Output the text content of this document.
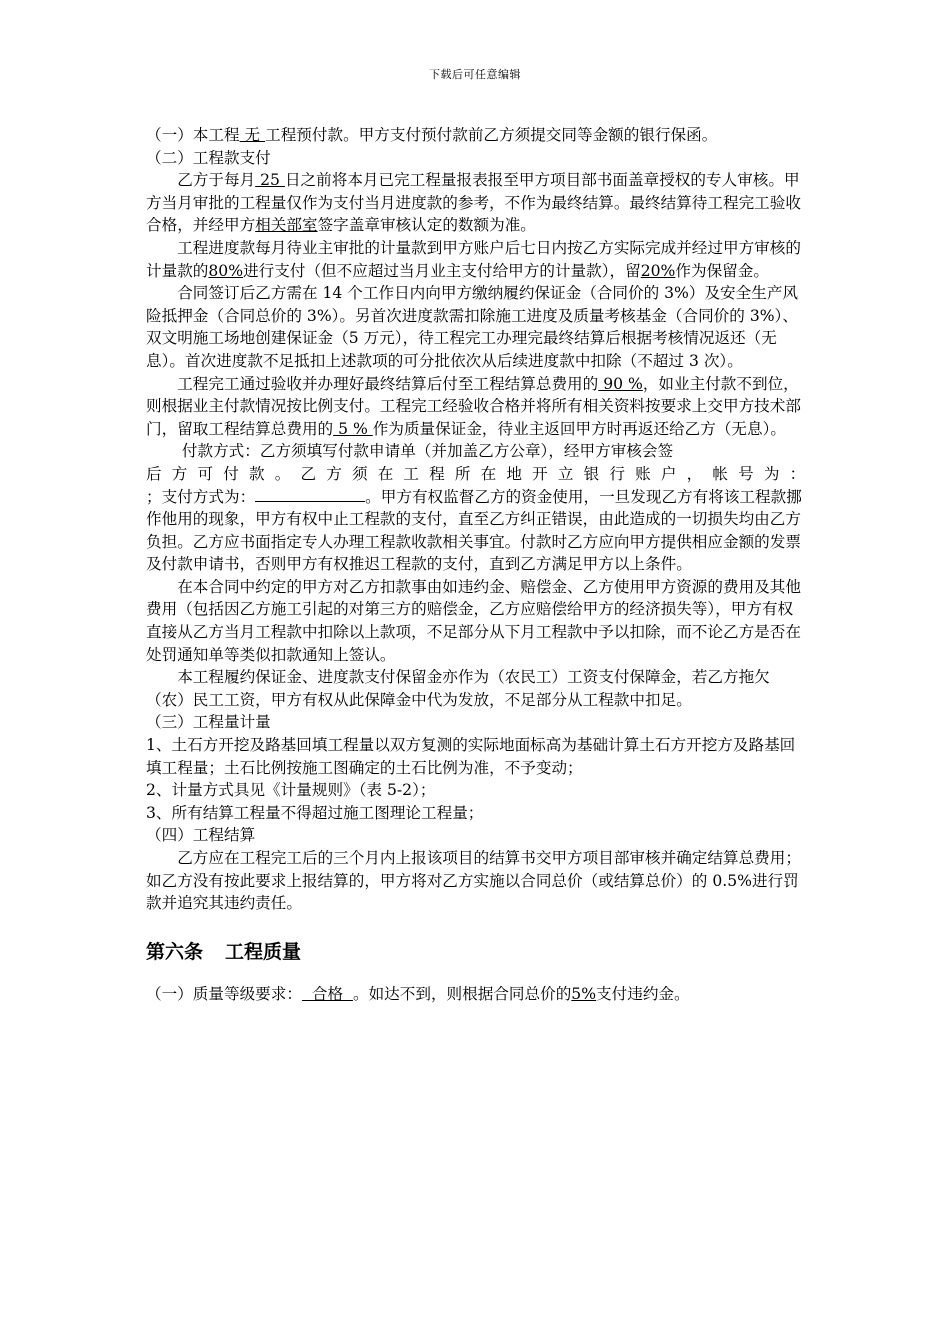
下载后可任意编辑

（一）本工程 无 工程预付款。甲方支付预付款前乙方须提交同等金额的银行保函。

（二）工程款支付

乙方于每月 25 日之前将本月已完工程量报表报至甲方项目部书面盖章授权的专人审核。甲方当月审批的工程量仅作为支付当月进度款的参考，不作为最终结算。最终结算待工程完工验收合格，并经甲方相关部室签字盖章审核认定的数额为准。

工程进度款每月待业主审批的计量款到甲方账户后七日内按乙方实际完成并经过甲方审核的计量款的80%进行支付（但不应超过当月业主支付给甲方的计量款），留20%作为保留金。

合同签订后乙方需在 14 个工作日内向甲方缴纳履约保证金（合同价的 3%）及安全生产风险抵押金（合同总价的 3%）。另首次进度款需扣除施工进度及质量考核基金（合同价的 3%）、双文明施工场地创建保证金（5 万元），待工程完工办理完最终结算后根据考核情况返还（无息）。首次进度款不足抵扣上述款项的可分批依次从后续进度款中扣除（不超过 3 次）。

工程完工通过验收并办理好最终结算后付至工程结算总费用的 90 %，如业主付款不到位，则根据业主付款情况按比例支付。工程完工经验收合格并将所有相关资料按要求上交甲方技术部门，留取工程结算总费用的 5 % 作为质量保证金，待业主返回甲方时再返还给乙方（无息）。

付款方式：乙方须填写付款申请单（并加盖乙方公章），经甲方审核会签

后方可付款。乙方须在工程所在地开立银行账户，帐号为：

；支付方式为：	。甲方有权监督乙方的资金使用，一旦发现乙方有将该工程款挪作他用的现象，甲方有权中止工程款的支付，直至乙方纠正错误，由此造成的一切损失均由乙方负担。乙方应书面指定专人办理工程款收款相关事宜。付款时乙方应向甲方提供相应金额的发票及付款申请书，否则甲方有权推迟工程款的支付，直到乙方满足甲方以上条件。

在本合同中约定的甲方对乙方扣款事由如违约金、赔偿金、乙方使用甲方资源的费用及其他费用（包括因乙方施工引起的对第三方的赔偿金，乙方应赔偿给甲方的经济损失等），甲方有权直接从乙方当月工程款中扣除以上款项，不足部分从下月工程款中予以扣除，而不论乙方是否在处罚通知单等类似扣款通知上签认。

本工程履约保证金、进度款支付保留金亦作为（农民工）工资支付保障金，若乙方拖欠（农）民工工资，甲方有权从此保障金中代为发放，不足部分从工程款中扣足。

（三）工程量计量

1、土石方开挖及路基回填工程量以双方复测的实际地面标高为基础计算土石方开挖方及路基回填工程量；土石比例按施工图确定的土石比例为准，不予变动；

2、计量方式具见《计量规则》（表 5-2）；

3、所有结算工程量不得超过施工图理论工程量；

（四）工程结算

乙方应在工程完工后的三个月内上报该项目的结算书交甲方项目部审核并确定结算总费用；如乙方没有按此要求上报结算的，甲方将对乙方实施以合同总价（或结算总价）的 0.5%进行罚款并追究其违约责任。

第六条 工程质量

（一）质量等级要求：  合格  。如达不到，则根据合同总价的5%支付违约金。
